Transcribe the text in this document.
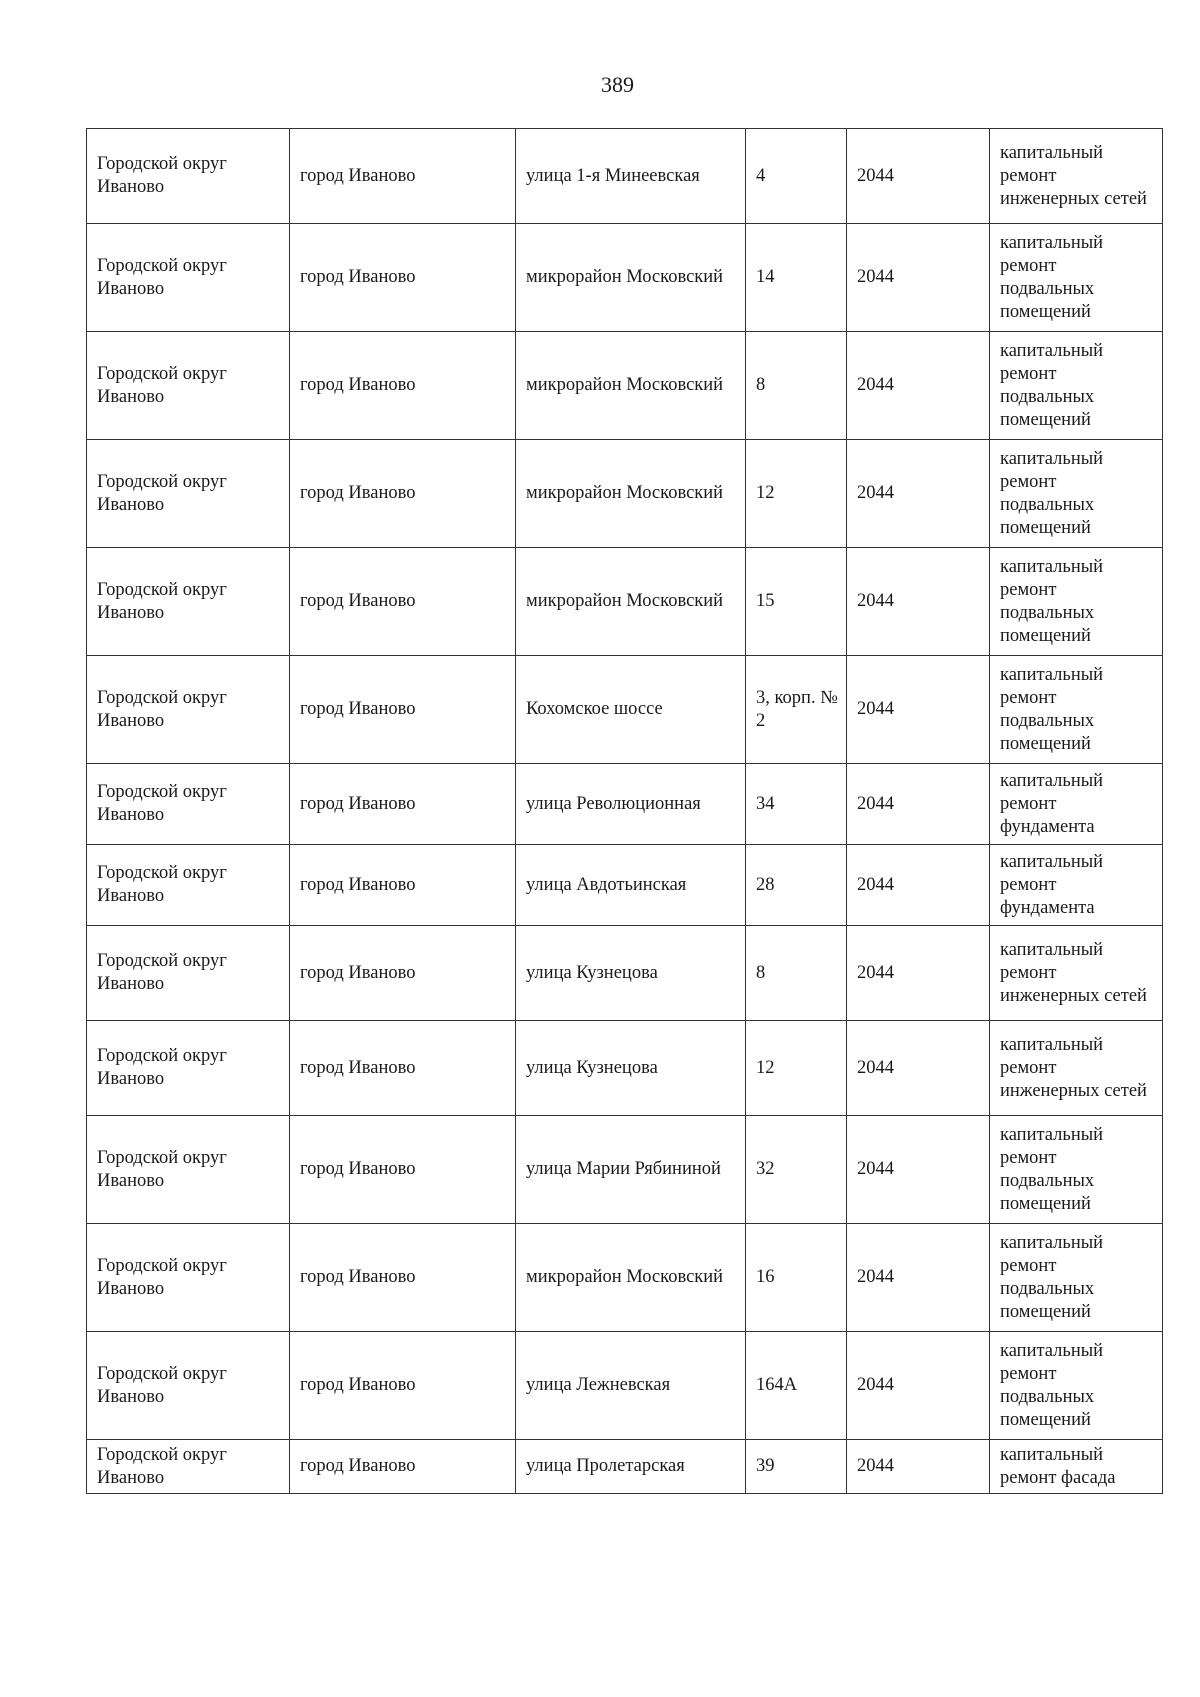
389
Городской округ Иваново	город Иваново	улица 1-я Минеевская	4	2044	капитальный ремонт инженерных сетей
Городской округ Иваново	город Иваново	микрорайон Московский	14	2044	капитальный ремонт подвальных помещений
Городской округ Иваново	город Иваново	микрорайон Московский	8	2044	капитальный ремонт подвальных помещений
Городской округ Иваново	город Иваново	микрорайон Московский	12	2044	капитальный ремонт подвальных помещений
Городской округ Иваново	город Иваново	микрорайон Московский	15	2044	капитальный ремонт подвальных помещений
Городской округ Иваново	город Иваново	Кохомское шоссе	3, корп. № 2	2044	капитальный ремонт подвальных помещений
Городской округ Иваново	город Иваново	улица Революционная	34	2044	капитальный ремонт фундамента
Городской округ Иваново	город Иваново	улица Авдотьинская	28	2044	капитальный ремонт фундамента
Городской округ Иваново	город Иваново	улица Кузнецова	8	2044	капитальный ремонт инженерных сетей
Городской округ Иваново	город Иваново	улица Кузнецова	12	2044	капитальный ремонт инженерных сетей
Городской округ Иваново	город Иваново	улица Марии Рябининой	32	2044	капитальный ремонт подвальных помещений
Городской округ Иваново	город Иваново	микрорайон Московский	16	2044	капитальный ремонт подвальных помещений
Городской округ Иваново	город Иваново	улица Лежневская	164А	2044	капитальный ремонт подвальных помещений
Городской округ Иваново	город Иваново	улица Пролетарская	39	2044	капитальный ремонт фасада
